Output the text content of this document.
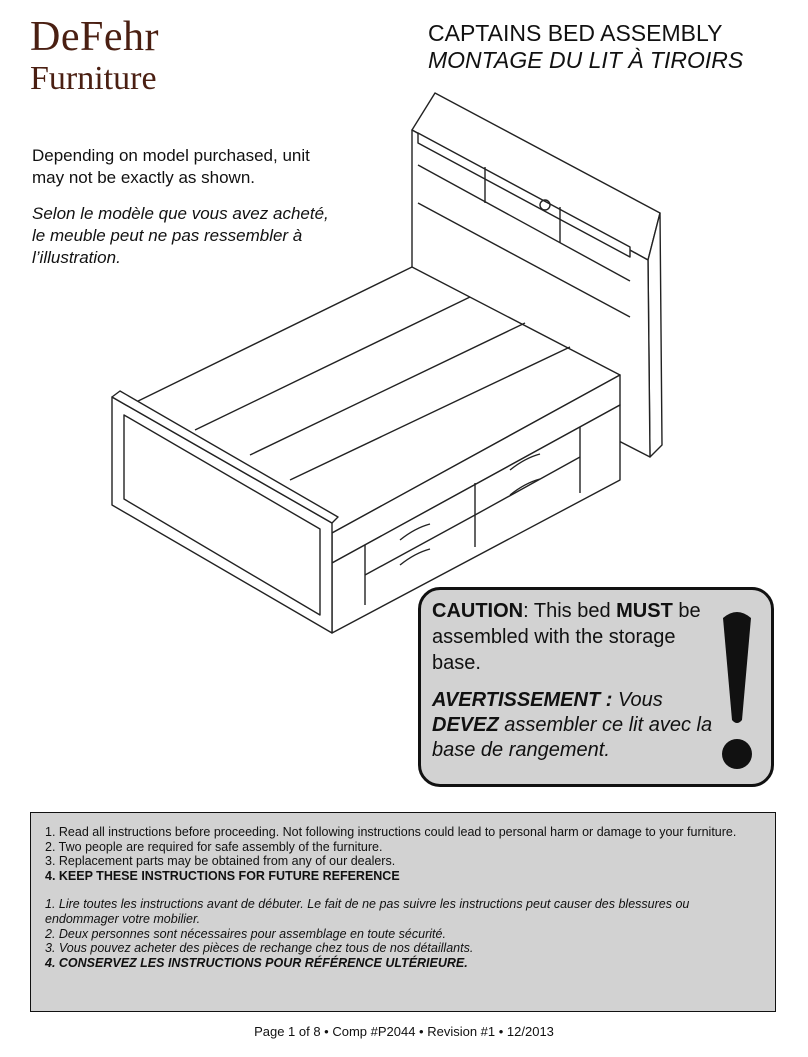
DeFehr
Furniture
CAPTAINS BED ASSEMBLY
MONTAGE DU LIT À TIROIRS
Depending on model purchased, unit may not be exactly as shown.
Selon le modèle que vous avez acheté, le meuble peut ne pas ressembler à l’illustration.
CAUTION: This bed MUST be assembled with the storage base.
AVERTISSEMENT : Vous DEVEZ assembler ce lit avec la base de rangement.

1. Read all instructions before proceeding. Not following instructions could lead to personal harm or damage to your furniture.

2. Two people are required for safe assembly of the furniture.

3. Replacement parts may be obtained from any of our dealers.

4. KEEP THESE INSTRUCTIONS FOR FUTURE REFERENCE

1. Lire toutes les instructions avant de débuter. Le fait de ne pas suivre les instructions peut causer des blessures ou endommager votre mobilier.

2. Deux personnes sont nécessaires pour assemblage en toute sécurité.

3. Vous pouvez acheter des pièces de rechange chez tous de nos détaillants.

4. CONSERVEZ LES INSTRUCTIONS POUR RÉFÉRENCE ULTÉRIEURE.

Page 1 of 8 • Comp #P2044 • Revision #1 • 12/2013
